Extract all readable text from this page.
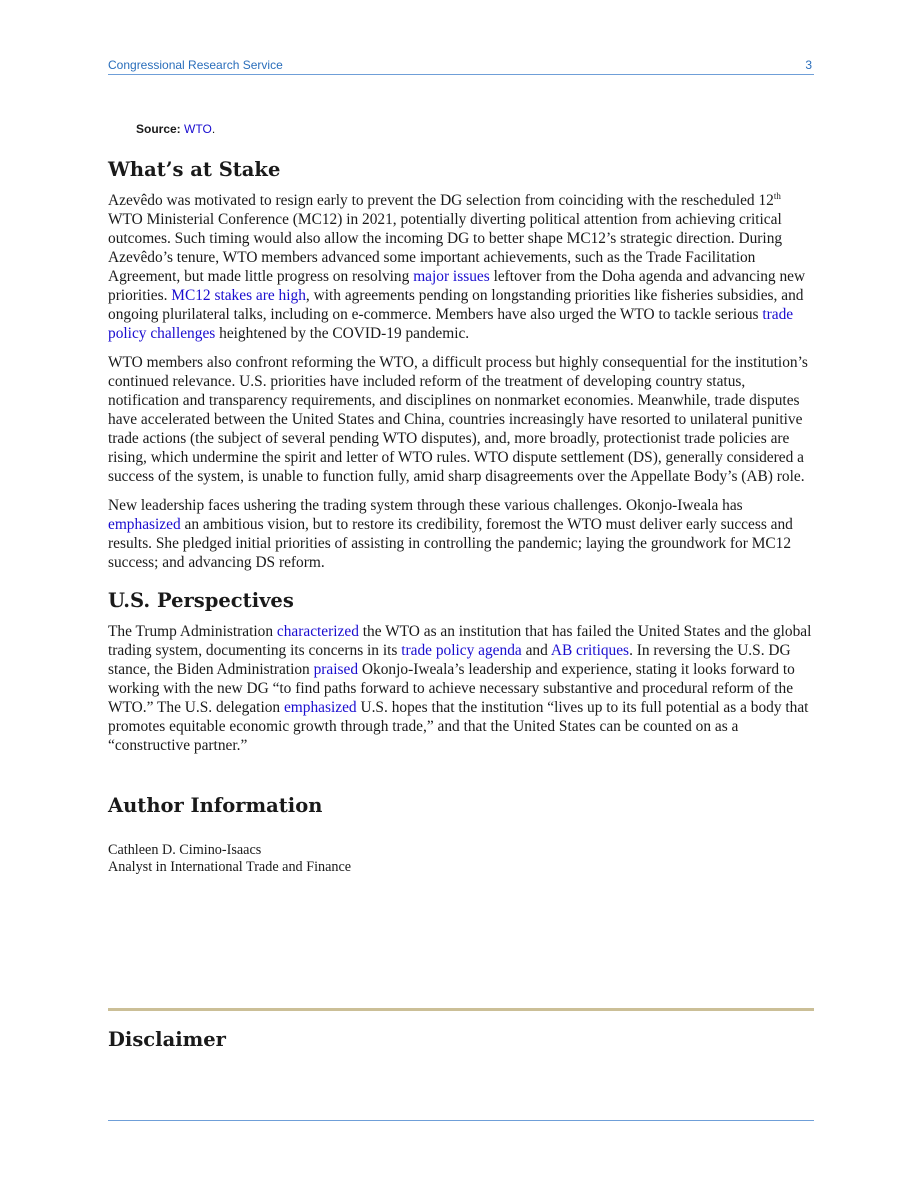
Congressional Research Service	3
Source: WTO.
What’s at Stake

Azevêdo was motivated to resign early to prevent the DG selection from coinciding with the rescheduled 12th WTO Ministerial Conference (MC12) in 2021, potentially diverting political attention from achieving critical outcomes. Such timing would also allow the incoming DG to better shape MC12’s strategic direction. During Azevêdo’s tenure, WTO members advanced some important achievements, such as the Trade Facilitation Agreement, but made little progress on resolving major issues leftover from the Doha agenda and advancing new priorities. MC12 stakes are high, with agreements pending on longstanding priorities like fisheries subsidies, and ongoing plurilateral talks, including on e-commerce. Members have also urged the WTO to tackle serious trade policy challenges heightened by the COVID-19 pandemic.

WTO members also confront reforming the WTO, a difficult process but highly consequential for the institution’s continued relevance. U.S. priorities have included reform of the treatment of developing country status, notification and transparency requirements, and disciplines on nonmarket economies. Meanwhile, trade disputes have accelerated between the United States and China, countries increasingly have resorted to unilateral punitive trade actions (the subject of several pending WTO disputes), and, more broadly, protectionist trade policies are rising, which undermine the spirit and letter of WTO rules. WTO dispute settlement (DS), generally considered a success of the system, is unable to function fully, amid sharp disagreements over the Appellate Body’s (AB) role.

New leadership faces ushering the trading system through these various challenges. Okonjo-Iweala has emphasized an ambitious vision, but to restore its credibility, foremost the WTO must deliver early success and results. She pledged initial priorities of assisting in controlling the pandemic; laying the groundwork for MC12 success; and advancing DS reform.

U.S. Perspectives

The Trump Administration characterized the WTO as an institution that has failed the United States and the global trading system, documenting its concerns in its trade policy agenda and AB critiques. In reversing the U.S. DG stance, the Biden Administration praised Okonjo-Iweala’s leadership and experience, stating it looks forward to working with the new DG “to find paths forward to achieve necessary substantive and procedural reform of the WTO.” The U.S. delegation emphasized U.S. hopes that the institution “lives up to its full potential as a body that promotes equitable economic growth through trade,” and that the United States can be counted on as a “constructive partner.”

Author Information
Cathleen D. Cimino-Isaacs
Analyst in International Trade and Finance
Disclaimer
